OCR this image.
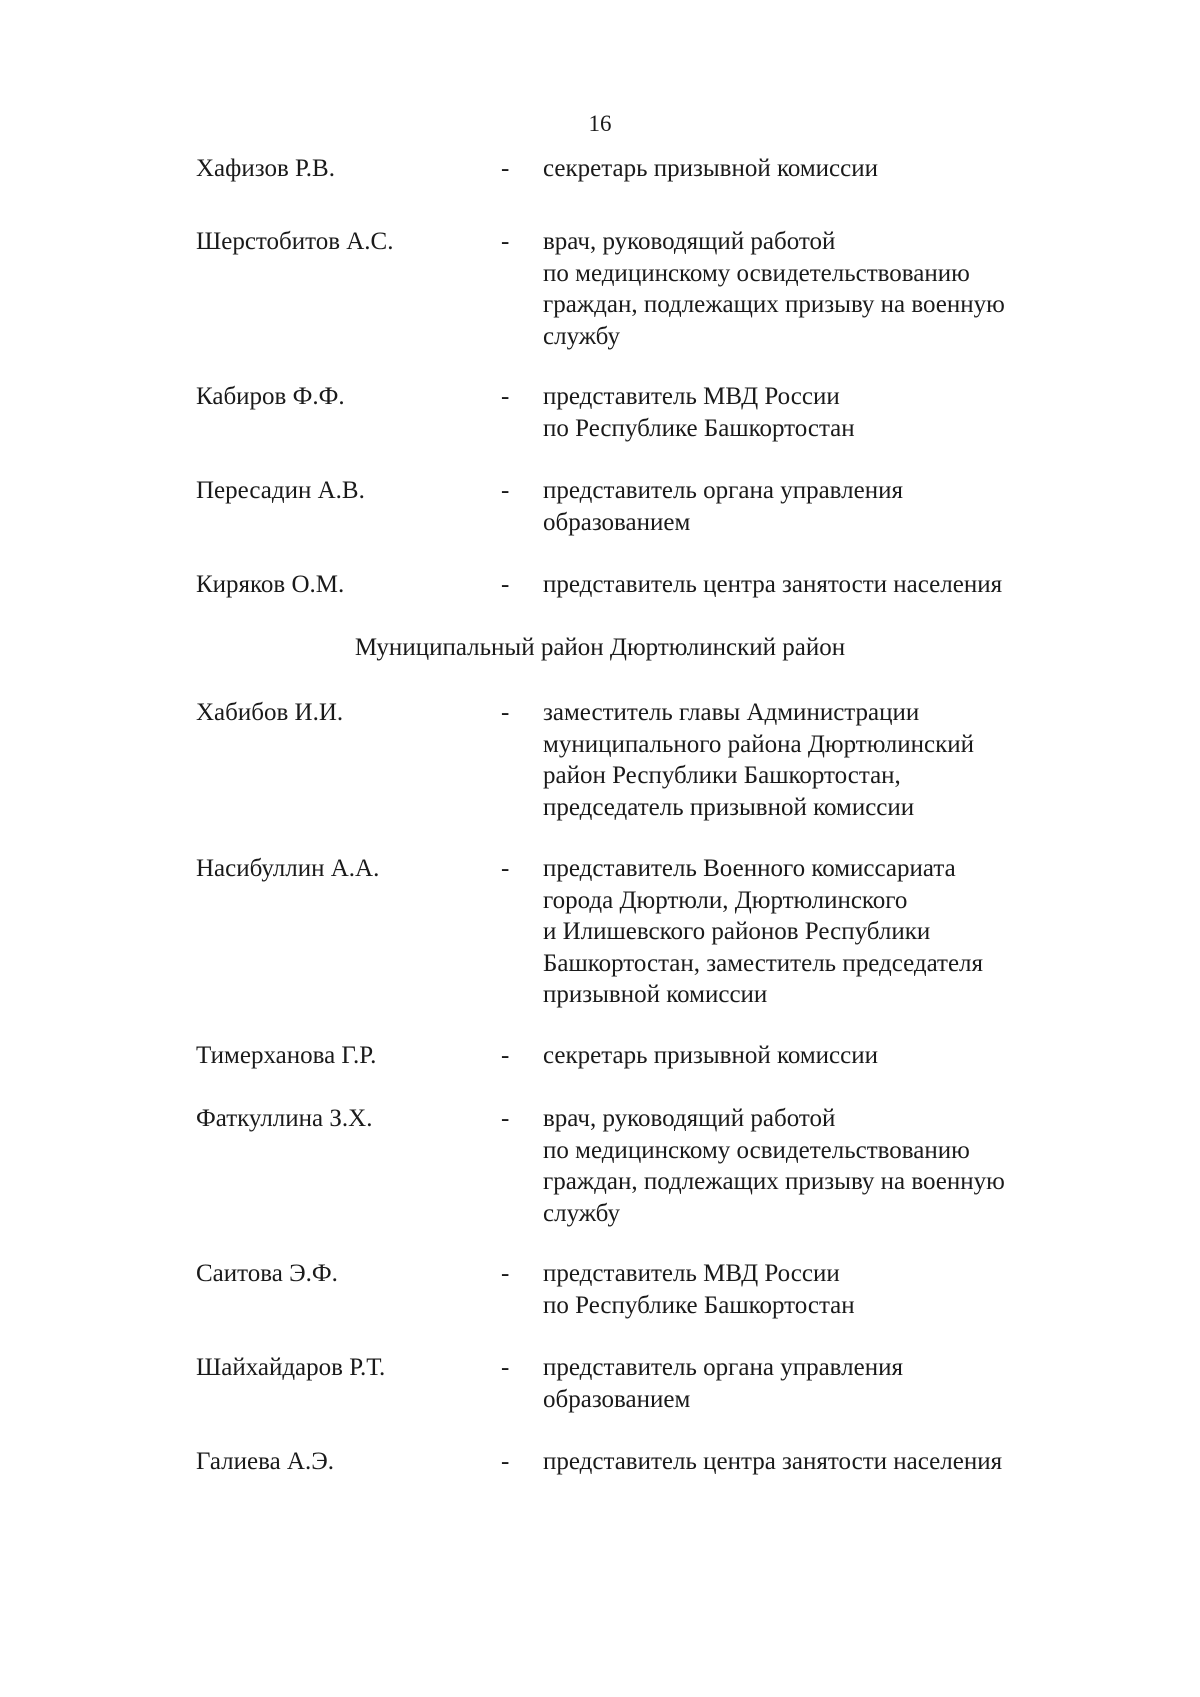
16
Хафизов Р.В.	- секретарь призывной комиссии
Шерстобитов А.С.	- врач, руководящий работой
по медицинскому освидетельствованию
граждан, подлежащих призыву на военную
службу
Кабиров Ф.Ф.	- представитель МВД России
по Республике Башкортостан
Пересадин А.В.	- представитель органа управления
образованием
Киряков О.М.	- представитель центра занятости населения
Муниципальный район Дюртюлинский район
Хабибов И.И.	- заместитель главы Администрации
муниципального района Дюртюлинский
район Республики Башкортостан,
председатель призывной комиссии
Насибуллин А.А.	- представитель Военного комиссариата
города Дюртюли, Дюртюлинского
и Илишевского районов Республики
Башкортостан, заместитель председателя
призывной комиссии
Тимерханова Г.Р.	- секретарь призывной комиссии
Фаткуллина З.Х.	- врач, руководящий работой
по медицинскому освидетельствованию
граждан, подлежащих призыву на военную
службу
Саитова Э.Ф.	- представитель МВД России
по Республике Башкортостан
Шайхайдаров Р.Т.	- представитель органа управления
образованием
Галиева А.Э.	- представитель центра занятости населения
